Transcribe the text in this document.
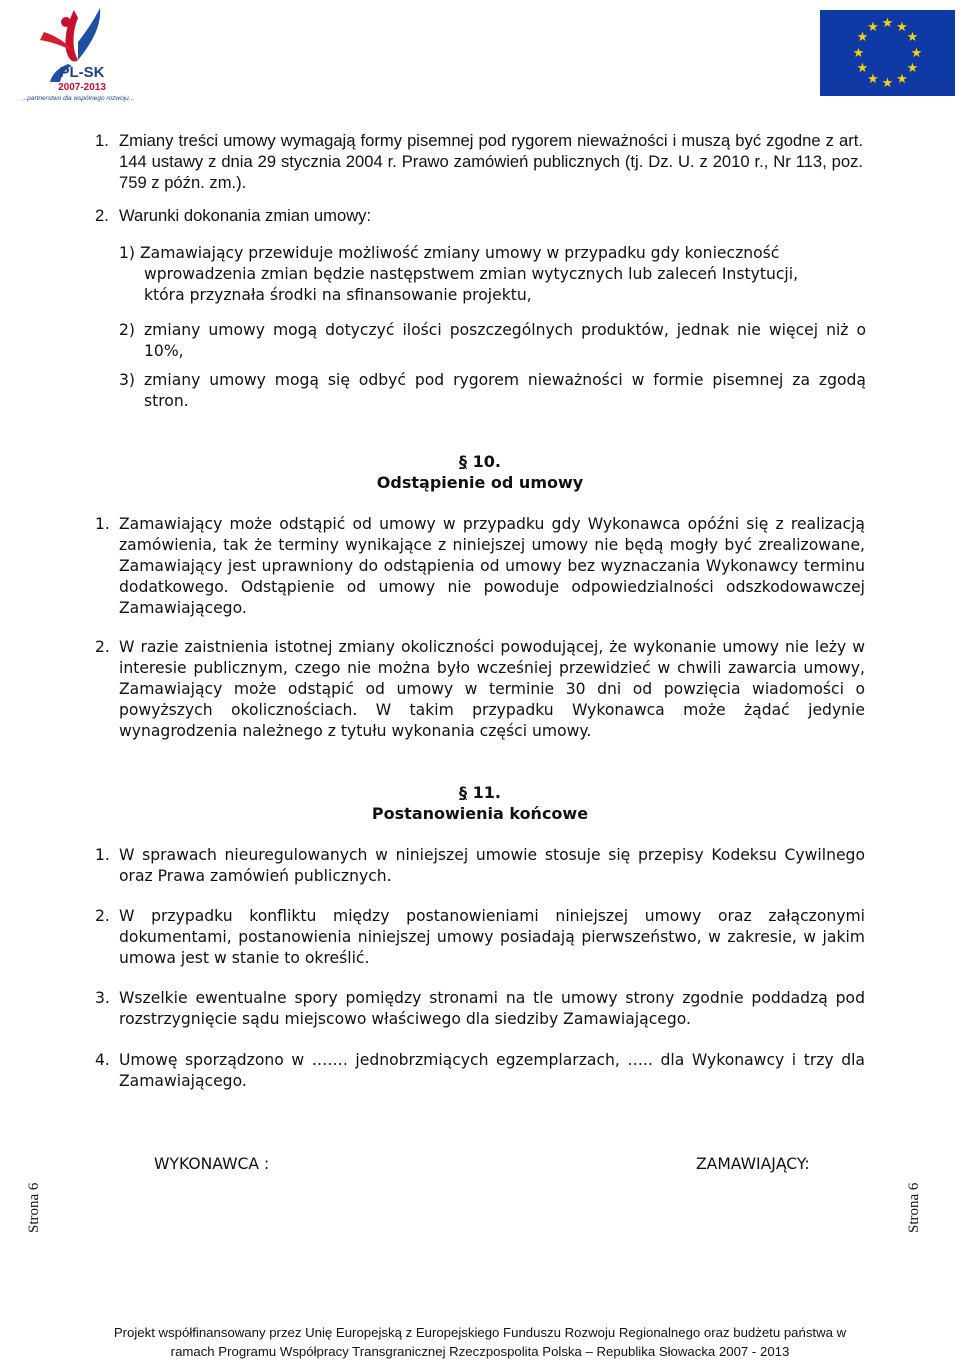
PL-SK
2007-2013
...partnerstwo dla wspólnego rozwoju...
★ ★
★
★
★
★
★
★
★
★
★
★
1. Zmiany treści umowy wymagają formy pisemnej pod rygorem nieważności i muszą być zgodne z art. 144 ustawy z dnia 29 stycznia 2004 r. Prawo zamówień publicznych (tj. Dz. U. z 2010 r., Nr 113, poz. 759 z późn. zm.).
2. Warunki dokonania zmian umowy:
1) Zamawiający przewiduje możliwość zmiany umowy w przypadku gdy konieczność
wprowadzenia zmian będzie następstwem zmian wytycznych lub zaleceń Instytucji,
która przyznała środki na sfinansowanie projektu,
2) zmiany umowy mogą dotyczyć ilości poszczególnych produktów, jednak nie więcej niż o 10%,
3) zmiany umowy mogą się odbyć pod rygorem nieważności w formie pisemnej za zgodą stron.
§ 10.
Odstąpienie od umowy
1. Zamawiający może odstąpić od umowy w przypadku gdy Wykonawca opóźni się z realizacją zamówienia, tak że terminy wynikające z niniejszej umowy nie będą mogły być zrealizowane, Zamawiający jest uprawniony do odstąpienia od umowy bez wyznaczania Wykonawcy terminu dodatkowego. Odstąpienie od umowy nie powoduje odpowiedzialności odszkodowawczej Zamawiającego.
2. W razie zaistnienia istotnej zmiany okoliczności powodującej, że wykonanie umowy nie leży w interesie publicznym, czego nie można było wcześniej przewidzieć w chwili zawarcia umowy, Zamawiający może odstąpić od umowy w terminie 30 dni od powzięcia wiadomości o powyższych okolicznościach. W takim przypadku Wykonawca może żądać jedynie wynagrodzenia należnego z tytułu wykonania części umowy.
§ 11.
Postanowienia końcowe
1. W sprawach nieuregulowanych w niniejszej umowie stosuje się przepisy Kodeksu Cywilnego oraz Prawa zamówień publicznych.
2. W przypadku konfliktu między postanowieniami niniejszej umowy oraz załączonymi dokumentami, postanowienia niniejszej umowy posiadają pierwszeństwo, w zakresie, w jakim umowa jest w stanie to określić.
3. Wszelkie ewentualne spory pomiędzy stronami na tle umowy strony zgodnie poddadzą pod rozstrzygnięcie sądu miejscowo właściwego dla siedziby Zamawiającego.
4. Umowę sporządzono w ……. jednobrzmiących egzemplarzach, ….. dla Wykonawcy i trzy dla Zamawiającego.
WYKONAWCA :	ZAMAWIAJĄCY:
Strona 6	Strona 6
Projekt współfinansowany przez Unię Europejską z Europejskiego Funduszu Rozwoju Regionalnego oraz budżetu państwa w
ramach Programu Współpracy Transgranicznej Rzeczpospolita Polska – Republika Słowacka 2007 - 2013
